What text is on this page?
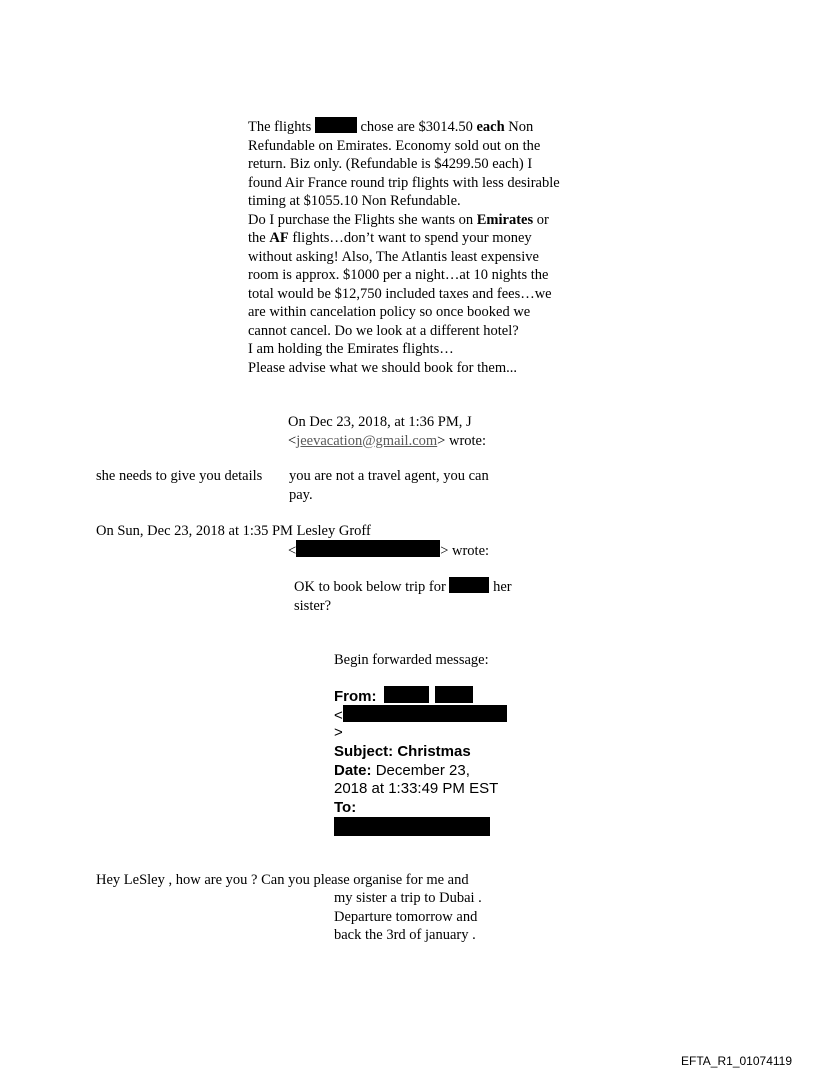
The flights	chose are $3014.50 each Non

Refundable on Emirates. Economy sold out on the

return. Biz only. (Refundable is $4299.50 each) I

found Air France round trip flights with less desirable

timing at $1055.10 Non Refundable.

Do I purchase the Flights she wants on Emirates or

the AF flights…don’t want to spend your money

without asking! Also, The Atlantis least expensive

room is approx. $1000 per a night…at 10 nights the

total would be $12,750 included taxes and fees…we

are within cancelation policy so once booked we

cannot cancel. Do we look at a different hotel?

I am holding the Emirates flights…

Please advise what we should book for them...

On Dec 23, 2018, at 1:36 PM, J

<jeevacation@gmail.com> wrote:

she needs to give you details you are not a travel agent, you can

pay.

On Sun, Dec 23, 2018 at 1:35 PM Lesley Groff
<	> wrote:

OK to book below trip for	her

sister?

Begin forwarded message:
From:
<
>
Subject: Christmas
Date: December 23,
2018 at 1:33:49 PM EST
To:
Hey LeSley , how are you ? Can you please organise for me and

my sister a trip to Dubai .

Departure tomorrow and

back the 3rd of january .

EFTA_R1_01074119
